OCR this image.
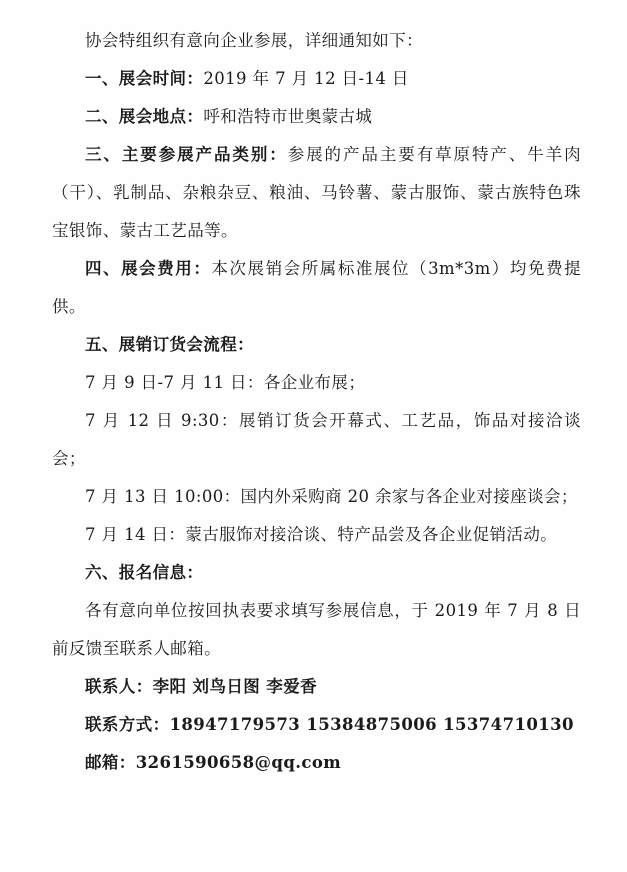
协会特组织有意向企业参展，详细通知如下：

一、展会时间：2019 年 7 月 12 日-14 日

二、展会地点：呼和浩特市世奥蒙古城

三、主要参展产品类别：参展的产品主要有草原特产、牛羊肉（干）、乳制品、杂粮杂豆、粮油、马铃薯、蒙古服饰、蒙古族特色珠宝银饰、蒙古工艺品等。

四、展会费用：本次展销会所属标准展位（3m*3m）均免费提供。

五、展销订货会流程：

7 月 9 日-7 月 11 日：各企业布展；

7 月 12 日 9:30：展销订货会开幕式、工艺品，饰品对接洽谈会；

7 月 13 日 10:00：国内外采购商 20 余家与各企业对接座谈会；

7 月 14 日：蒙古服饰对接洽谈、特产品尝及各企业促销活动。

六、报名信息：

各有意向单位按回执表要求填写参展信息，于 2019 年 7 月 8 日前反馈至联系人邮箱。

联系人：李阳 刘鸟日图 李爱香

联系方式：18947179573 15384875006 15374710130

邮箱：3261590658@qq.com
